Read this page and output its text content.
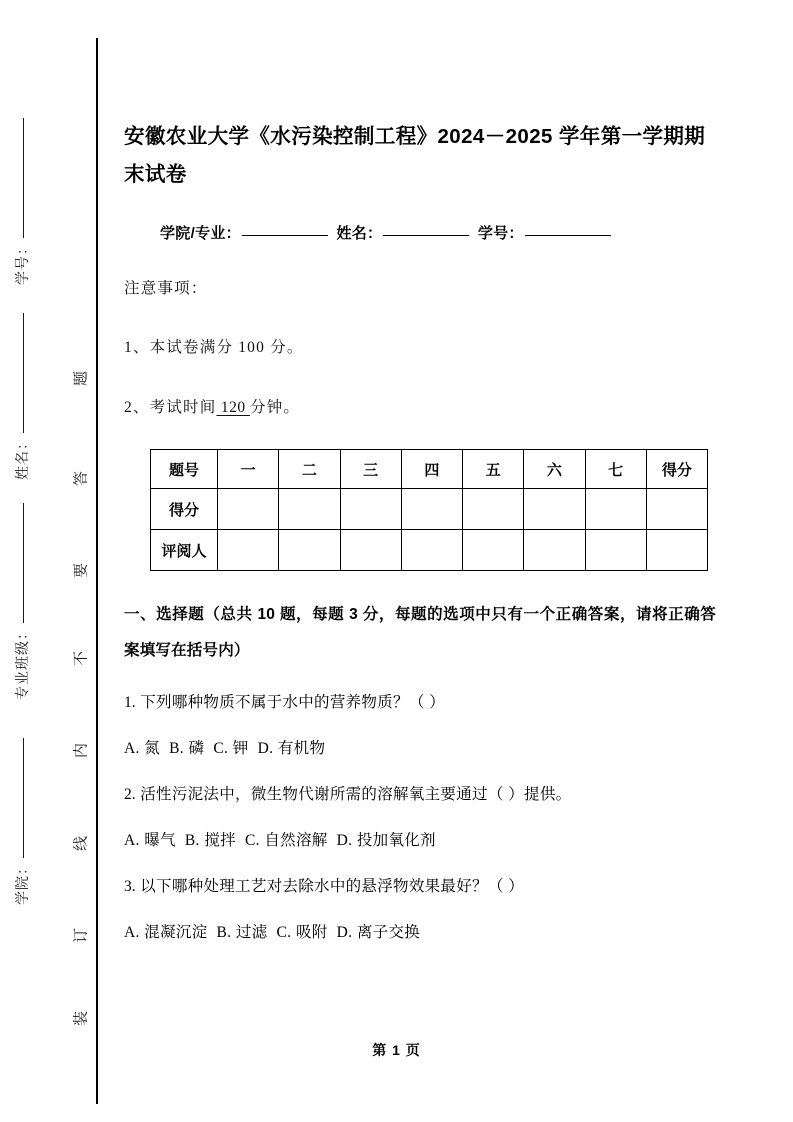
学号：
姓名：
专业班级：
学院：
题
答
要
不
内
线
订
装
安徽农业大学《水污染控制工程》2024－2025 学年第一学期期末试卷
学院/专业：	姓名：	学号：
注意事项：
1、本试卷满分 100 分。
2、考试时间 120 分钟。
题号	一	二	三	四	五	六	七	得分
得分								
评阅人								
一、选择题（总共 10 题，每题 3 分，每题的选项中只有一个正确答案，请将正确答案填写在括号内）
1. 下列哪种物质不属于水中的营养物质？（ ）
A. 氮 B. 磷 C. 钾 D. 有机物
2. 活性污泥法中，微生物代谢所需的溶解氧主要通过（ ）提供。
A. 曝气 B. 搅拌 C. 自然溶解 D. 投加氧化剂
3. 以下哪种处理工艺对去除水中的悬浮物效果最好？（ ）
A. 混凝沉淀 B. 过滤 C. 吸附 D. 离子交换
第 1 页
